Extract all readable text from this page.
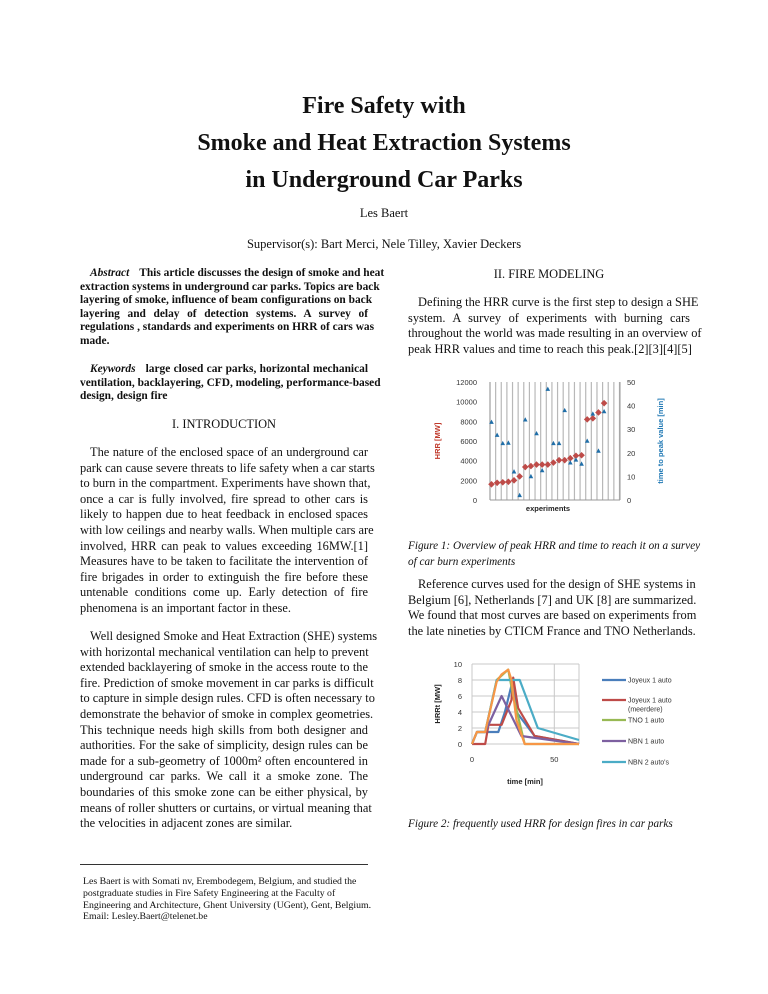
Fire Safety with
Smoke and Heat Extraction Systems
in Underground Car Parks
Les Baert
Supervisor(s): Bart Merci, Nele Tilley, Xavier Deckers
Abstract This article discusses the design of smoke and heat
extraction systems in underground car parks. Topics are back
layering of smoke, influence of beam configurations on back
layering and delay of detection systems. A survey of
regulations , standards and experiments on HRR of cars was
made.
Keywords large closed car parks, horizontal mechanical
ventilation, backlayering, CFD, modeling, performance-based
design, design fire
I. INTRODUCTION
The nature of the enclosed space of an underground car
park can cause severe threats to life safety when a car starts
to burn in the compartment. Experiments have shown that,
once a car is fully involved, fire spread to other cars is
likely to happen due to heat feedback in enclosed spaces
with low ceilings and nearby walls. When multiple cars are
involved, HRR can peak to values exceeding 16MW.[1]
Measures have to be taken to facilitate the intervention of
fire brigades in order to extinguish the fire before these
untenable conditions come up. Early detection of fire
phenomena is an important factor in these.
Well designed Smoke and Heat Extraction (SHE) systems
with horizontal mechanical ventilation can help to prevent
extended backlayering of smoke in the access route to the
fire. Prediction of smoke movement in car parks is difficult
to capture in simple design rules. CFD is often necessary to
demonstrate the behavior of smoke in complex geometries.
This technique needs high skills from both designer and
authorities. For the sake of simplicity, design rules can be
made for a sub-geometry of 1000m² often encountered in
underground car parks. We call it a smoke zone. The
boundaries of this smoke zone can be either physical, by
means of roller shutters or curtains, or virtual meaning that
the velocities in adjacent zones are similar.
Les Baert is with Somati nv, Erembodegem, Belgium, and studied the postgraduate studies in Fire Safety Engineering at the Faculty of Engineering and Architecture, Ghent University (UGent), Gent, Belgium. Email: Lesley.Baert@telenet.be
II. FIRE MODELING
Defining the HRR curve is the first step to design a SHE
system. A survey of experiments with burning cars
throughout the world was made resulting in an overview of
peak HRR values and time to reach this peak.[2][3][4][5]
Figure 1: Overview of peak HRR and time to reach it on a survey
of car burn experiments
Reference curves used for the design of SHE systems in
Belgium [6], Netherlands [7] and UK [8] are summarized.
We found that most curves are based on experiments from
the late nineties by CTICM France and TNO Netherlands.
Figure 2: frequently used HRR for design fires in car parks
0
2000
4000
6000
8000
10000
12000
0
10
20
30
40
50
HRR [MW]	time to peak value [min]
experiments
0
2
4
6
8
10
0	50
HRRt [MW]
time [min]
Joyeux 1 auto
Joyeux 1 auto (meerdere)
TNO 1 auto
NBN 1 auto
NBN 2 auto's
